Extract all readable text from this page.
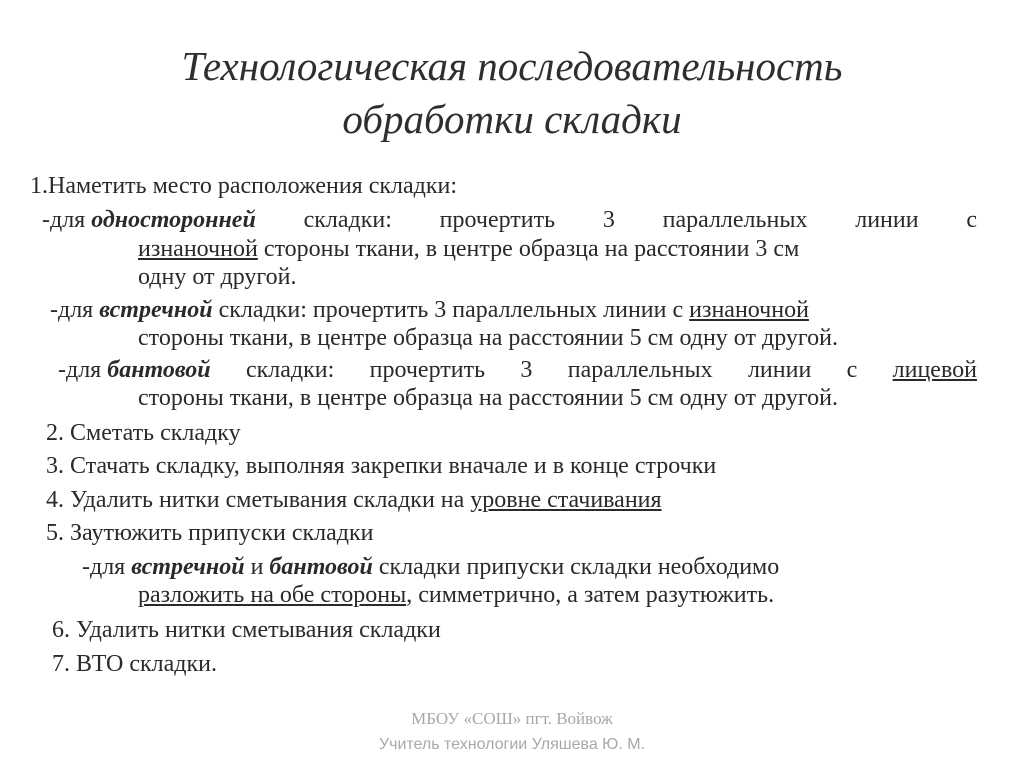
Технологическая последовательность
обработки складки
1.Наметить место расположения складки:
-для односторонней складки: прочертить 3 параллельных линии с
изнаночной стороны ткани, в центре образца на расстоянии 3 см
одну от другой.
-для встречной складки: прочертить 3 параллельных линии с изнаночной
стороны ткани, в центре образца на расстоянии 5 см одну от другой.
-для бантовой складки: прочертить 3 параллельных линии с лицевой
стороны ткани, в центре образца на расстоянии 5 см одну от другой.
2. Сметать складку
3. Стачать складку, выполняя закрепки вначале и в конце строчки
4. Удалить нитки сметывания складки на уровне стачивания
5. Заутюжить припуски складки
-для встречной и бантовой складки припуски складки необходимо
разложить на обе стороны, симметрично, а затем разутюжить.
6. Удалить нитки сметывания складки
7. ВТО складки.
МБОУ «СОШ» пгт. Войвож
Учитель технологии Уляшева Ю. М.
